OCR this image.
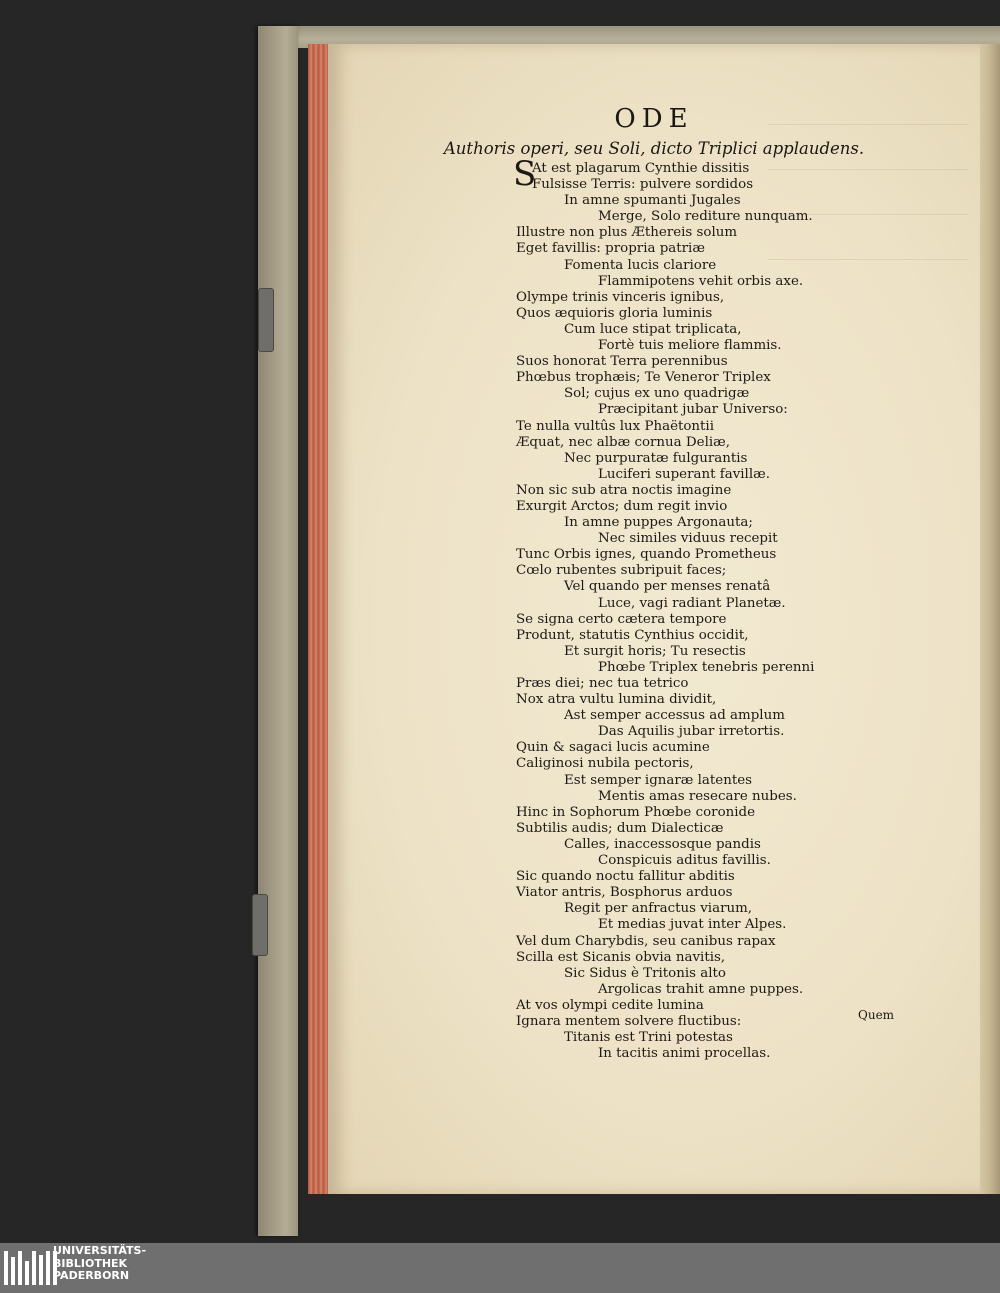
ODE
Authoris operi, seu Soli, dicto Triplici applaudens.
S
At est plagarum Cynthie dissitis
Fulsisse Terris: pulvere sordidos
In amne spumanti Jugales
Merge, Solo rediture nunquam.
Illustre non plus Æthereis solum
Eget favillis: propria patriæ
Fomenta lucis clariore
Flammipotens vehit orbis axe.
Olympe trinis vinceris ignibus,
Quos æquioris gloria luminis
Cum luce stipat triplicata,
Fortè tuis meliore flammis.
Suos honorat Terra perennibus
Phœbus trophæis; Te Veneror Triplex
Sol; cujus ex uno quadrigæ
Præcipitant jubar Universo:
Te nulla vultûs lux Phaëtontii
Æquat, nec albæ cornua Deliæ,
Nec purpuratæ fulgurantis
Luciferi superant favillæ.
Non sic sub atra noctis imagine
Exurgit Arctos; dum regit invio
In amne puppes Argonauta;
Nec similes viduus recepit
Tunc Orbis ignes, quando Prometheus
Cœlo rubentes subripuit faces;
Vel quando per menses renatâ
Luce, vagi radiant Planetæ.
Se signa certo cætera tempore
Produnt, statutis Cynthius occidit,
Et surgit horis; Tu resectis
Phœbe Triplex tenebris perenni
Præs diei; nec tua tetrico
Nox atra vultu lumina dividit,
Ast semper accessus ad amplum
Das Aquilis jubar irretortis.
Quin & sagaci lucis acumine
Caliginosi nubila pectoris,
Est semper ignaræ latentes
Mentis amas resecare nubes.
Hinc in Sophorum Phœbe coronide
Subtilis audis; dum Dialecticæ
Calles, inaccessosque pandis
Conspicuis aditus favillis.
Sic quando noctu fallitur abditis
Viator antris, Bosphorus arduos
Regit per anfractus viarum,
Et medias juvat inter Alpes.
Vel dum Charybdis, seu canibus rapax
Scilla est Sicanis obvia navitis,
Sic Sidus è Tritonis alto
Argolicas trahit amne puppes.
At vos olympi cedite lumina
Ignara mentem solvere fluctibus:
Titanis est Trini potestas
In tacitis animi procellas.
Quem
UNIVERSITÄTS-
BIBLIOTHEK
PADERBORN
